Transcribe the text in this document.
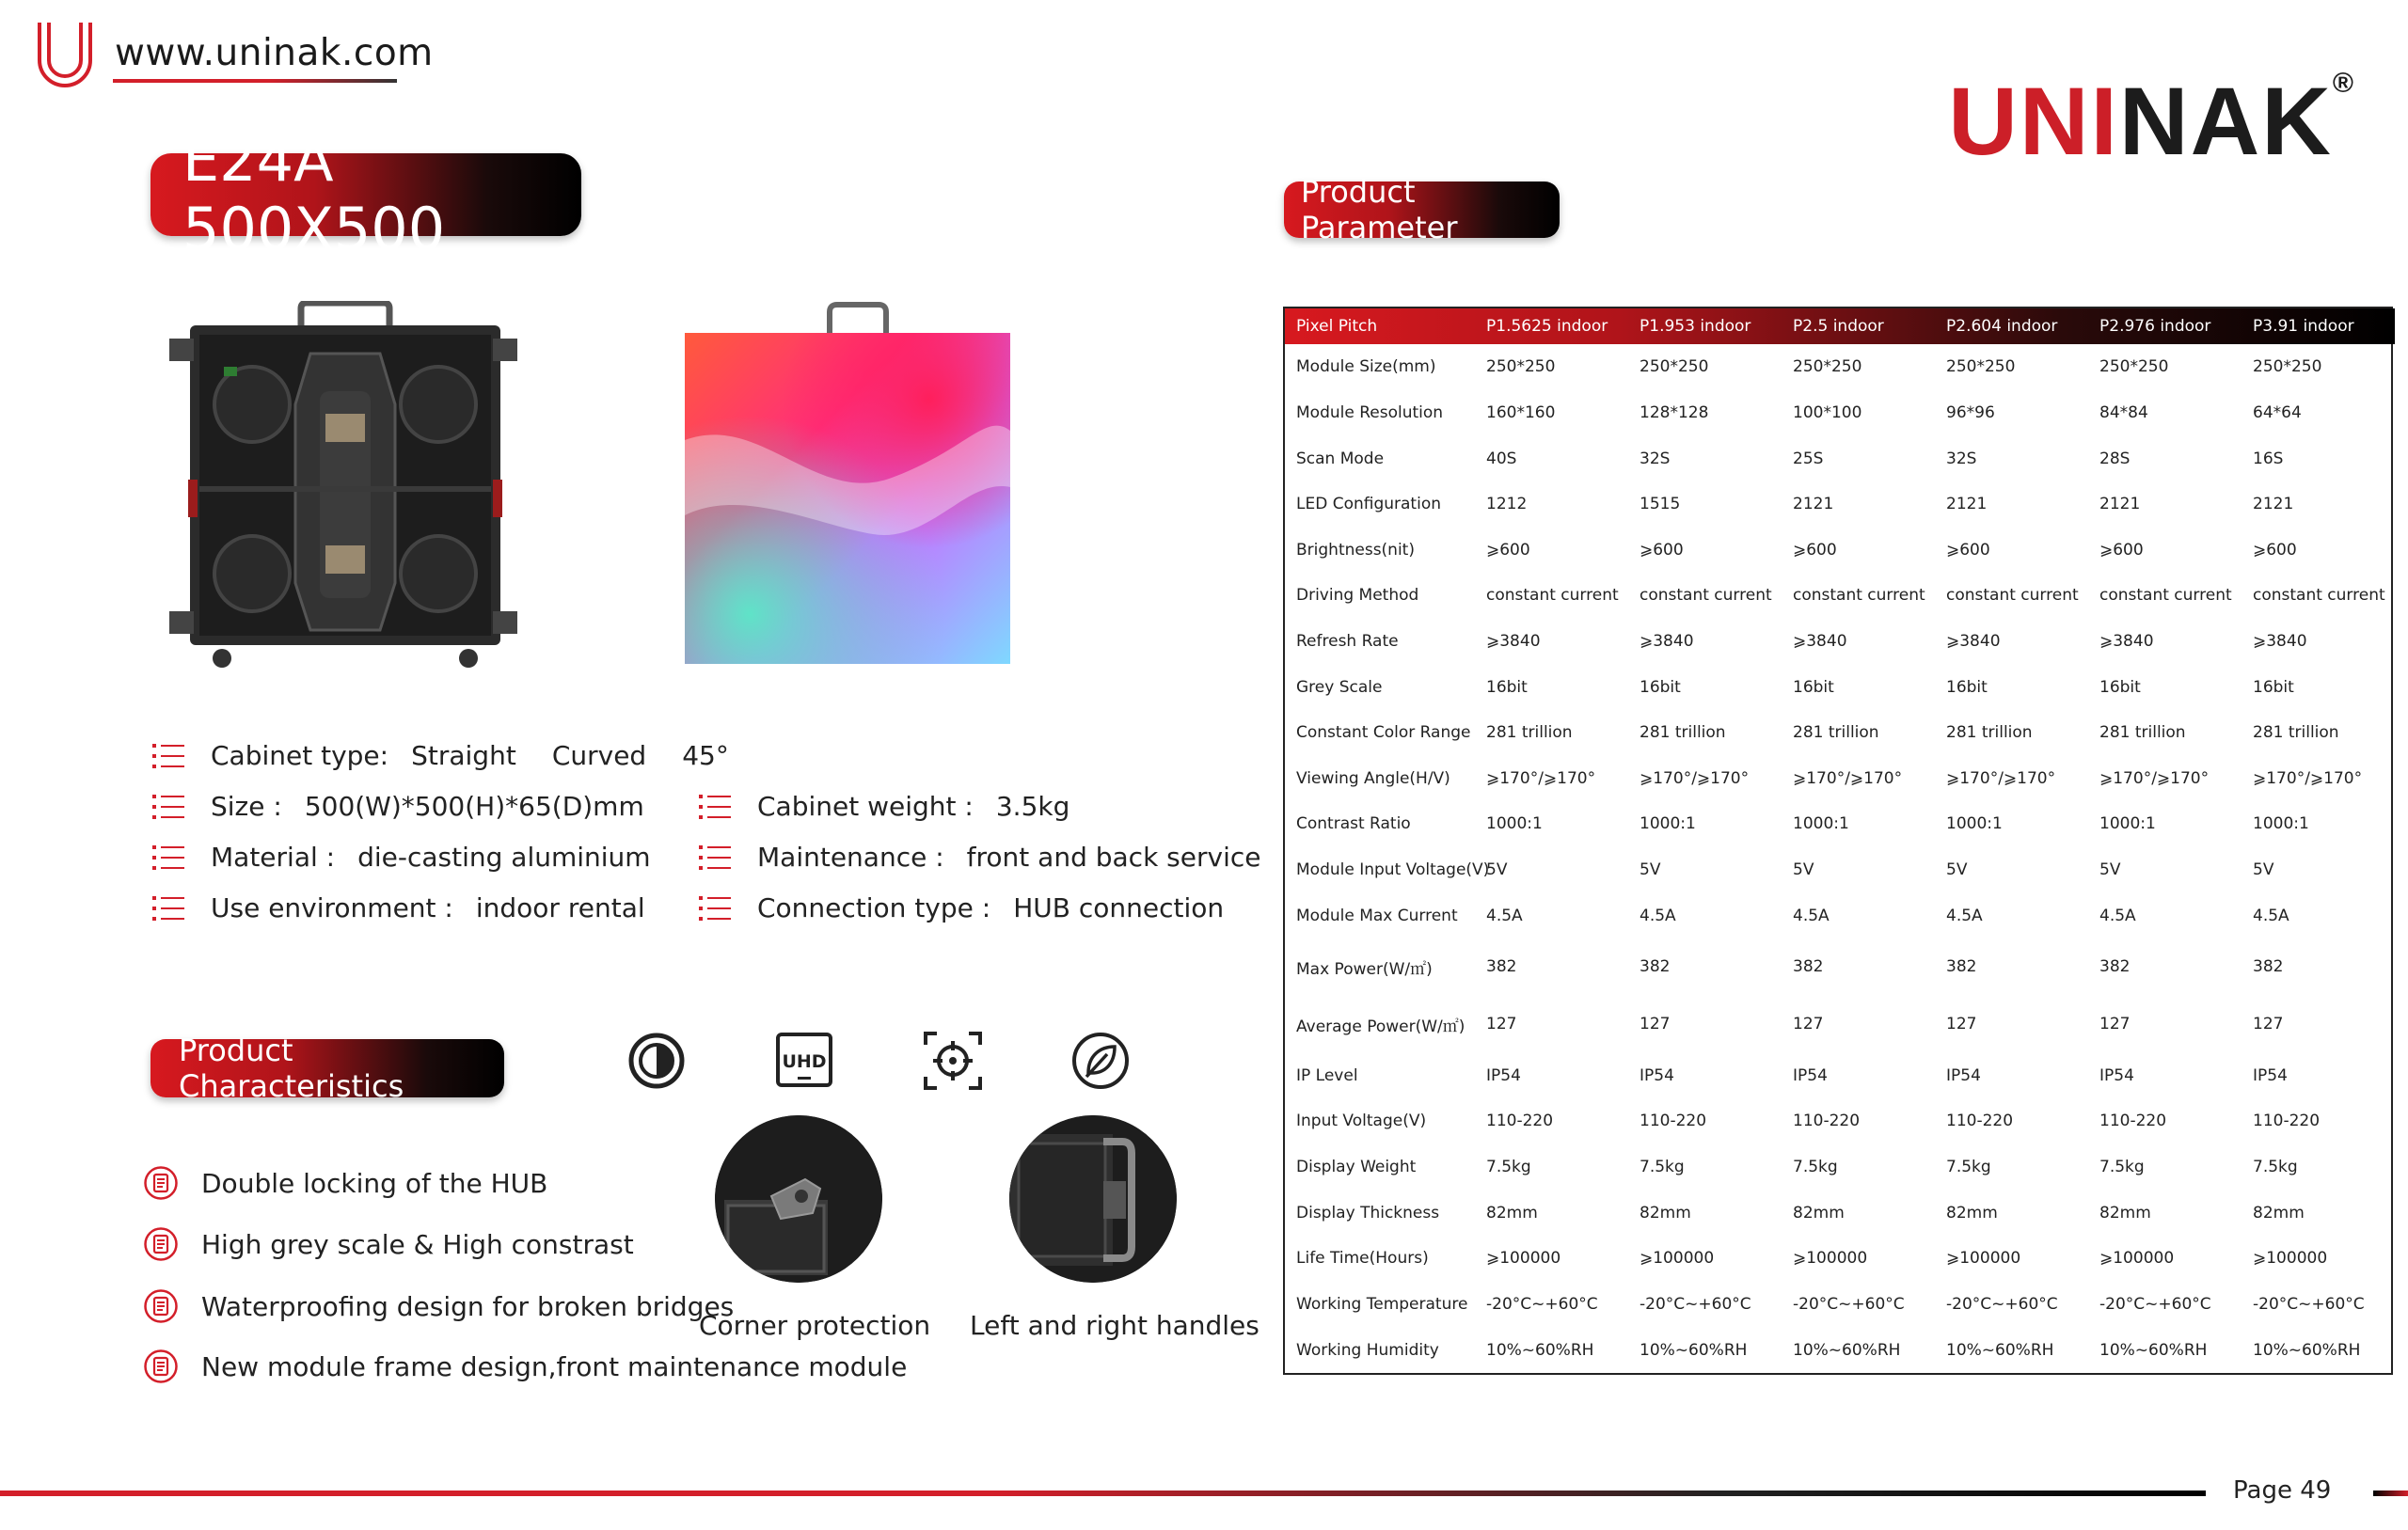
www.uninak.com
UNINAK®
E24A 500X500
Product Parameter
Cabinet type: Straight Curved 45°
Size : 500(W)*500(H)*65(D)mm
Material : die-casting aluminium
Use environment : indoor rental
Cabinet weight : 3.5kg
Maintenance : front and back service
Connection type : HUB connection
Product Characteristics
UHD
Double locking of the HUB
High grey scale & High constrast
Waterproofing design for broken bridges
New module frame design,front maintenance module
Corner protection Left and right handles
Pixel Pitch	P1.5625 indoor	P1.953 indoor	P2.5 indoor	P2.604 indoor	P2.976 indoor	P3.91 indoor
Module Size(mm)	250*250	250*250	250*250	250*250	250*250	250*250
Module Resolution	160*160	128*128	100*100	96*96	84*84	64*64
Scan Mode	40S	32S	25S	32S	28S	16S
LED Configuration	1212	1515	2121	2121	2121	2121
Brightness(nit)	⩾600	⩾600	⩾600	⩾600	⩾600	⩾600
Driving Method	constant current	constant current	constant current	constant current	constant current	constant current
Refresh Rate	⩾3840	⩾3840	⩾3840	⩾3840	⩾3840	⩾3840
Grey Scale	16bit	16bit	16bit	16bit	16bit	16bit
Constant Color Range	281 trillion	281 trillion	281 trillion	281 trillion	281 trillion	281 trillion
Viewing Angle(H/V)	⩾170°/⩾170°	⩾170°/⩾170°	⩾170°/⩾170°	⩾170°/⩾170°	⩾170°/⩾170°	⩾170°/⩾170°
Contrast Ratio	1000:1	1000:1	1000:1	1000:1	1000:1	1000:1
Module Input Voltage(V)	5V	5V	5V	5V	5V	5V
Module Max Current	4.5A	4.5A	4.5A	4.5A	4.5A	4.5A
Max Power(W/㎡)	382	382	382	382	382	382
Average Power(W/㎡)	127	127	127	127	127	127
IP Level	IP54	IP54	IP54	IP54	IP54	IP54
Input Voltage(V)	110-220	110-220	110-220	110-220	110-220	110-220
Display Weight	7.5kg	7.5kg	7.5kg	7.5kg	7.5kg	7.5kg
Display Thickness	82mm	82mm	82mm	82mm	82mm	82mm
Life Time(Hours)	⩾100000	⩾100000	⩾100000	⩾100000	⩾100000	⩾100000
Working Temperature	-20°C~+60°C	-20°C~+60°C	-20°C~+60°C	-20°C~+60°C	-20°C~+60°C	-20°C~+60°C
Working Humidity	10%~60%RH	10%~60%RH	10%~60%RH	10%~60%RH	10%~60%RH	10%~60%RH
Page 49
